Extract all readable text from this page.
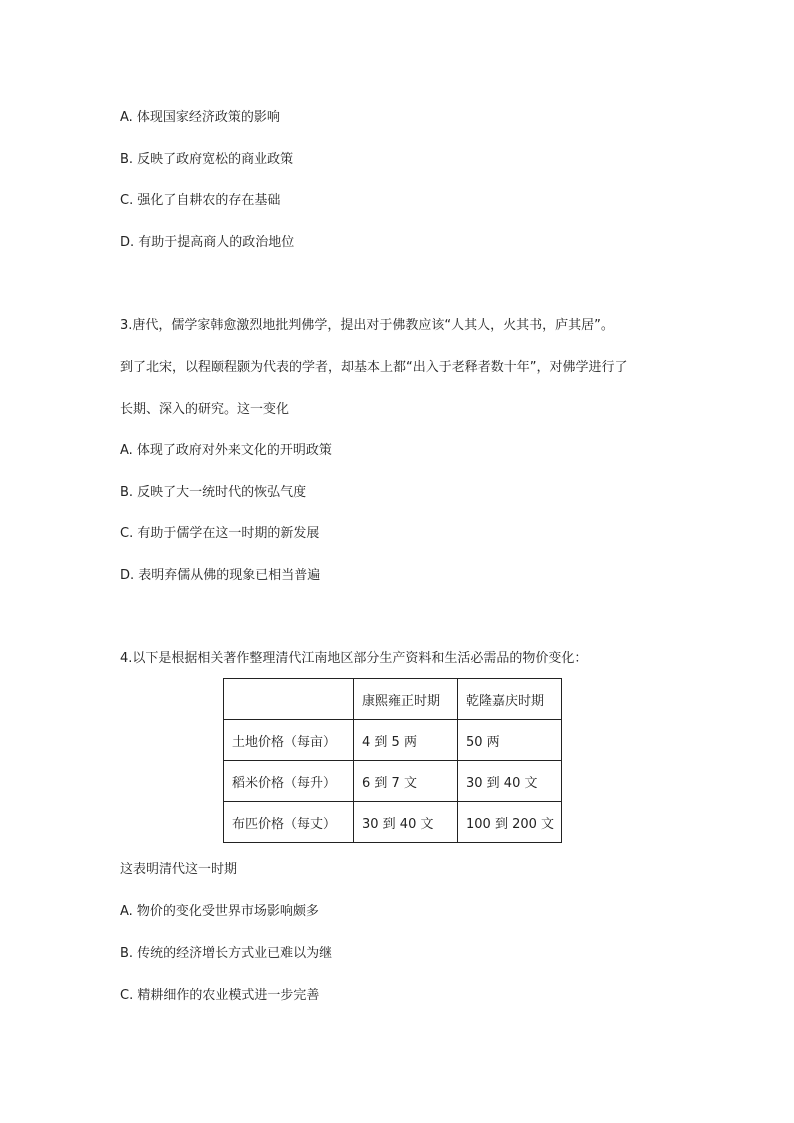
A. 体现国家经济政策的影响
B. 反映了政府宽松的商业政策
C. 强化了自耕农的存在基础
D. 有助于提高商人的政治地位
3.唐代，儒学家韩愈激烈地批判佛学，提出对于佛教应该“人其人，火其书，庐其居”。
到了北宋，以程颐程颢为代表的学者，却基本上都“出入于老释者数十年”，对佛学进行了
长期、深入的研究。这一变化
A. 体现了政府对外来文化的开明政策
B. 反映了大一统时代的恢弘气度
C. 有助于儒学在这一时期的新发展
D. 表明弃儒从佛的现象已相当普遍
4.以下是根据相关著作整理清代江南地区部分生产资料和生活必需品的物价变化：
	康熙雍正时期	乾隆嘉庆时期
土地价格（每亩）	4 到 5 两	50 两
稻米价格（每升）	6 到 7 文	30 到 40 文
布匹价格（每丈）	30 到 40 文	100 到 200 文
这表明清代这一时期
A. 物价的变化受世界市场影响颇多
B. 传统的经济增长方式业已难以为继
C. 精耕细作的农业模式进一步完善
